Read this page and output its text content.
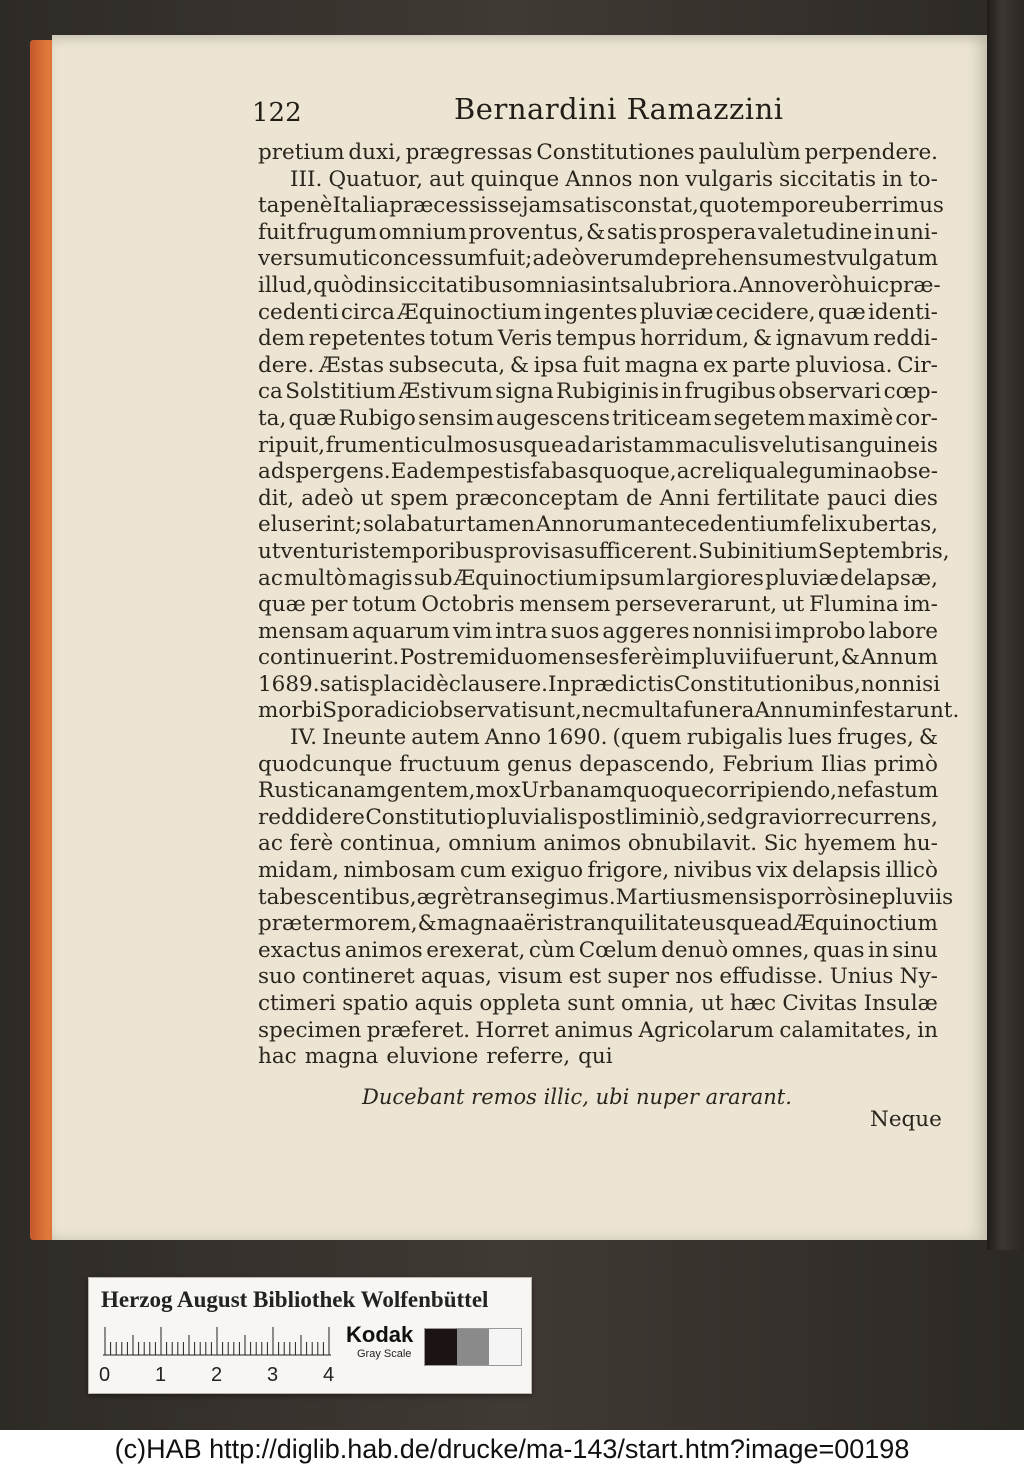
122	Bernardini Ramazzini
pretium duxi, prægressas Constitutiones paululùm perpendere.
III. Quatuor, aut quinque Annos non vulgaris siccitatis in to-
ta penè Italia præcessisse jam satis constat, quo tempore uberrimus
fuit frugum omnium proventus, & satis prospera valetudine in uni-
versum uti concessum fuit; adeò verum deprehensum est vulgatum
illud, quòd in siccitatibus omnia sint salubriora. Anno verò huic præ-
cedenti circa Æquinoctium ingentes pluviæ cecidere, quæ identi-
dem repetentes totum Veris tempus horridum, & ignavum reddi-
dere. Æstas subsecuta, & ipsa fuit magna ex parte pluviosa. Cir-
ca Solstitium Æstivum signa Rubiginis in frugibus observari cœp-
ta, quæ Rubigo sensim augescens triticeam segetem maximè cor-
ripuit, frumenti culmos usque ad aristam maculis veluti sanguineis
adspergens. Eadem pestis fabas quoque, ac reliqua legumina obse-
dit, adeò ut spem præconceptam de Anni fertilitate pauci dies
eluserint; solabatur tamen Annorum antecedentium felix ubertas,
ut venturis temporibus provisa sufficerent. Sub initium Septembris,
ac multò magis sub Æquinoctium ipsum largiores pluviæ delapsæ,
quæ per totum Octobris mensem perseverarunt, ut Flumina im-
mensam aquarum vim intra suos aggeres nonnisi improbo labore
continuerint. Postremi duo menses ferè impluvii fuerunt, & Annum
1689. satis placidè clausere. In prædictis Constitutionibus, non nisi
morbi Sporadici observati sunt, nec multa funera Annum infestarunt.
IV. Ineunte autem Anno 1690. (quem rubigalis lues fruges, &
quodcunque fructuum genus depascendo, Febrium Ilias primò
Rusticanam gentem, mox Urbanam quoque corripiendo, nefastum
reddidere Constitutio pluvialis postliminiò, sed gravior recurrens,
ac ferè continua, omnium animos obnubilavit. Sic hyemem hu-
midam, nimbosam cum exiguo frigore, nivibus vix delapsis illicò
tabescentibus, ægrè transegimus. Martius mensis porrò sine pluviis
præter morem, & magna aëris tranquilitate usque ad Æquinoctium
exactus animos erexerat, cùm Cœlum denuò omnes, quas in sinu
suo contineret aquas, visum est super nos effudisse. Unius Ny-
ctimeri spatio aquis oppleta sunt omnia, ut hæc Civitas Insulæ
specimen præferet. Horret animus Agricolarum calamitates, in
hac magna eluvione referre, qui
Ducebant remos illic, ubi nuper ararant.
Neque
Herzog August Bibliothek Wolfenbüttel
0 1 2 3 4
Kodak
Gray Scale
(c)HAB http://diglib.hab.de/drucke/ma-143/start.htm?image=00198
